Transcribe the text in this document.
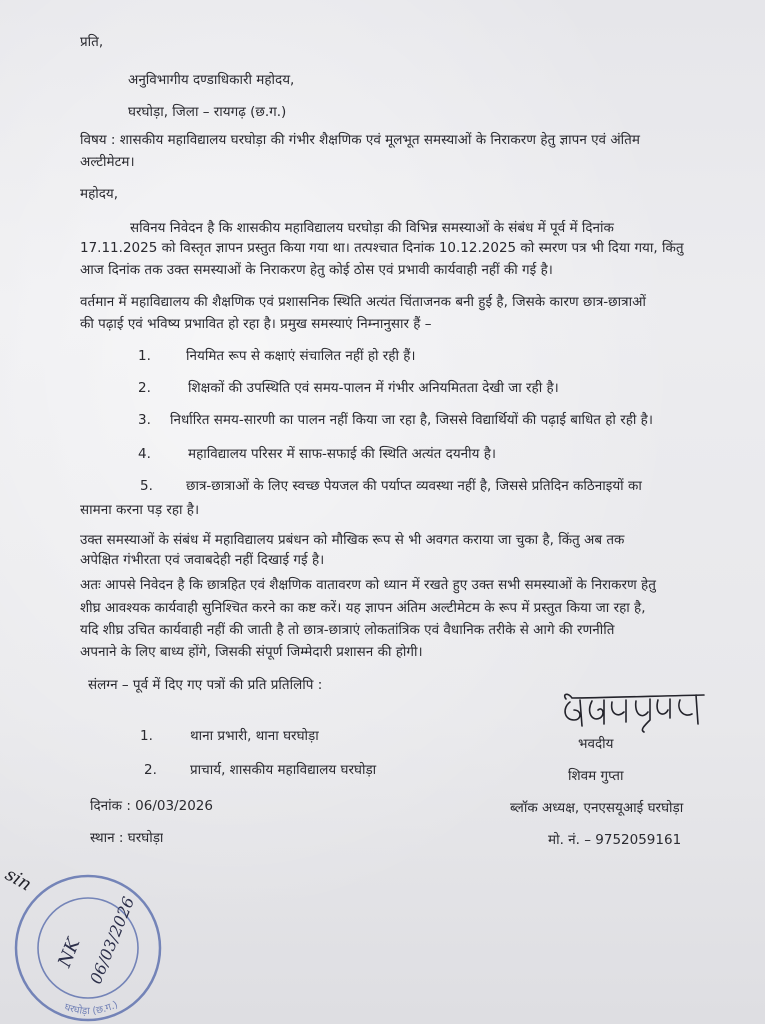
प्रति,
अनुविभागीय दण्डाधिकारी महोदय,
घरघोड़ा, जिला – रायगढ़ (छ.ग.)
विषय : शासकीय महाविद्यालय घरघोड़ा की गंभीर शैक्षणिक एवं मूलभूत समस्याओं के निराकरण हेतु ज्ञापन एवं अंतिम
अल्टीमेटम।
महोदय,
सविनय निवेदन है कि शासकीय महाविद्यालय घरघोड़ा की विभिन्न समस्याओं के संबंध में पूर्व में दिनांक
17.11.2025 को विस्तृत ज्ञापन प्रस्तुत किया गया था। तत्पश्चात दिनांक 10.12.2025 को स्मरण पत्र भी दिया गया, किंतु
आज दिनांक तक उक्त समस्याओं के निराकरण हेतु कोई ठोस एवं प्रभावी कार्यवाही नहीं की गई है।
वर्तमान में महाविद्यालय की शैक्षणिक एवं प्रशासनिक स्थिति अत्यंत चिंताजनक बनी हुई है, जिसके कारण छात्र-छात्राओं
की पढ़ाई एवं भविष्य प्रभावित हो रहा है। प्रमुख समस्याएं निम्नानुसार हैं –
1.	नियमित रूप से कक्षाएं संचालित नहीं हो रही हैं।
2.	शिक्षकों की उपस्थिति एवं समय-पालन में गंभीर अनियमितता देखी जा रही है।
3.	निर्धारित समय-सारणी का पालन नहीं किया जा रहा है, जिससे विद्यार्थियों की पढ़ाई बाधित हो रही है।
4.	महाविद्यालय परिसर में साफ-सफाई की स्थिति अत्यंत दयनीय है।
5.	छात्र-छात्राओं के लिए स्वच्छ पेयजल की पर्याप्त व्यवस्था नहीं है, जिससे प्रतिदिन कठिनाइयों का
सामना करना पड़ रहा है।
उक्त समस्याओं के संबंध में महाविद्यालय प्रबंधन को मौखिक रूप से भी अवगत कराया जा चुका है, किंतु अब तक
अपेक्षित गंभीरता एवं जवाबदेही नहीं दिखाई गई है।
अतः आपसे निवेदन है कि छात्रहित एवं शैक्षणिक वातावरण को ध्यान में रखते हुए उक्त सभी समस्याओं के निराकरण हेतु
शीघ्र आवश्यक कार्यवाही सुनिश्चित करने का कष्ट करें। यह ज्ञापन अंतिम अल्टीमेटम के रूप में प्रस्तुत किया जा रहा है,
यदि शीघ्र उचित कार्यवाही नहीं की जाती है तो छात्र-छात्राएं लोकतांत्रिक एवं वैधानिक तरीके से आगे की रणनीति
अपनाने के लिए बाध्य होंगे, जिसकी संपूर्ण जिम्मेदारी प्रशासन की होगी।
संलग्न – पूर्व में दिए गए पत्रों की प्रति प्रतिलिपि :
1.	थाना प्रभारी, थाना घरघोड़ा
2.	प्राचार्य, शासकीय महाविद्यालय घरघोड़ा
दिनांक : 06/03/2026
स्थान : घरघोड़ा
भवदीय
शिवम गुप्ता
ब्लॉक अध्यक्ष, एनएसयूआई घरघोड़ा
मो. नं. – 9752059161
sin
घरघोड़ा (छ.ग.)
NK 06/03/2026
